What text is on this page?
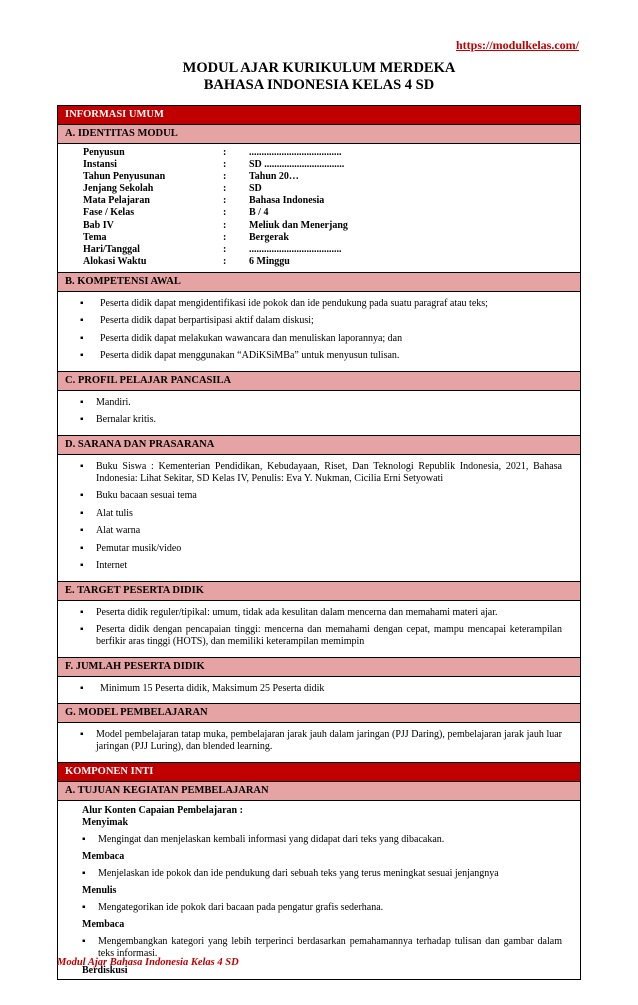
https://modulkelas.com/
MODUL AJAR KURIKULUM MERDEKA
BAHASA INDONESIA KELAS 4 SD
INFORMASI UMUM
A. IDENTITAS MODUL
Penyusun	:	.....................................
Instansi	:	SD ................................
Tahun Penyusunan	:	Tahun 20…
Jenjang Sekolah	:	SD
Mata Pelajaran	:	Bahasa Indonesia
Fase / Kelas	:	B / 4
Bab IV	:	Meliuk dan Menerjang
Tema	:	Bergerak
Hari/Tanggal	:	.....................................
Alokasi Waktu	:	6 Minggu
B. KOMPETENSI AWAL
▪ Peserta didik dapat mengidentifikasi ide pokok dan ide pendukung pada suatu paragraf atau teks;
▪ Peserta didik dapat berpartisipasi aktif dalam diskusi;
▪ Peserta didik dapat melakukan wawancara dan menuliskan laporannya; dan
▪ Peserta didik dapat menggunakan “ADiKSiMBa” untuk menyusun tulisan.
C. PROFIL PELAJAR PANCASILA
▪ Mandiri.
▪ Bernalar kritis.
D. SARANA DAN PRASARANA
▪ Buku Siswa : Kementerian Pendidikan, Kebudayaan, Riset, Dan Teknologi Republik Indonesia, 2021, Bahasa Indonesia: Lihat Sekitar, SD Kelas IV, Penulis: Eva Y. Nukman, Cicilia Erni Setyowati
▪ Buku bacaan sesuai tema
▪ Alat tulis
▪ Alat warna
▪ Pemutar musik/video
▪ Internet
E. TARGET PESERTA DIDIK
▪ Peserta didik reguler/tipikal: umum, tidak ada kesulitan dalam mencerna dan memahami materi ajar.
▪ Peserta didik dengan pencapaian tinggi: mencerna dan memahami dengan cepat, mampu mencapai keterampilan berfikir aras tinggi (HOTS), dan memiliki keterampilan memimpin
F. JUMLAH PESERTA DIDIK
▪ Minimum 15 Peserta didik, Maksimum 25 Peserta didik
G. MODEL PEMBELAJARAN
▪ Model pembelajaran tatap muka, pembelajaran jarak jauh dalam jaringan (PJJ Daring), pembelajaran jarak jauh luar jaringan (PJJ Luring), dan blended learning.
KOMPONEN INTI
A. TUJUAN KEGIATAN PEMBELAJARAN
Alur Konten Capaian Pembelajaran :
Menyimak
▪ Mengingat dan menjelaskan kembali informasi yang didapat dari teks yang dibacakan.
Membaca
▪ Menjelaskan ide pokok dan ide pendukung dari sebuah teks yang terus meningkat sesuai jenjangnya
Menulis
▪ Mengategorikan ide pokok dari bacaan pada pengatur grafis sederhana.
Membaca
▪ Mengembangkan kategori yang lebih terperinci berdasarkan pemahamannya terhadap tulisan dan gambar dalam teks informasi.
Berdiskusi
Modul Ajar Bahasa Indonesia Kelas 4 SD
